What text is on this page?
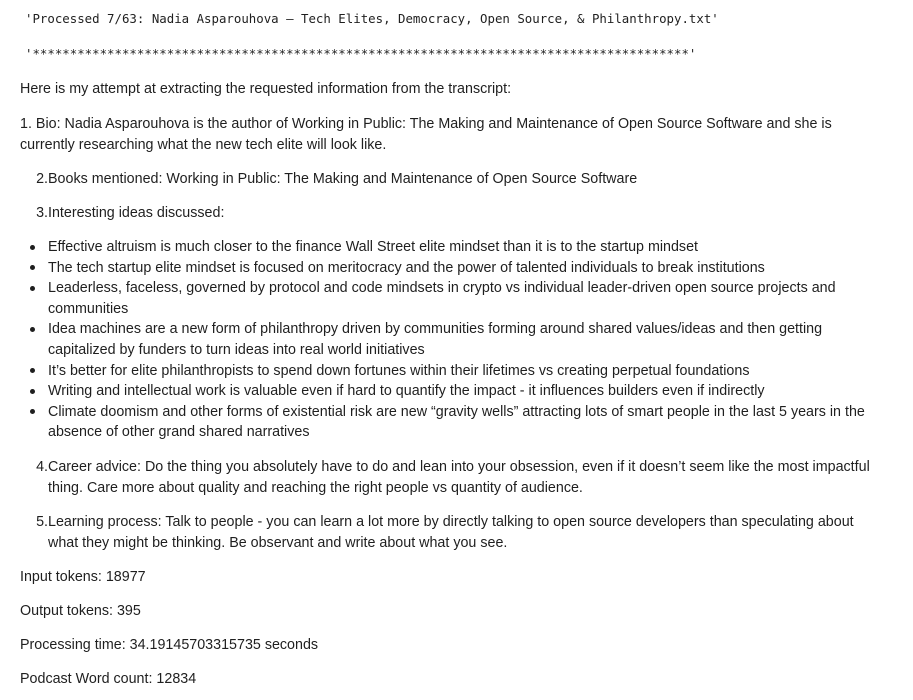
'Processed 7/63: Nadia Asparouhova – Tech Elites, Democracy, Open Source, & Philanthropy.txt'
'****************************************************************************************'

Here is my attempt at extracting the requested information from the transcript:

1. Bio: Nadia Asparouhova is the author of Working in Public: The Making and Maintenance of Open Source Software and she is currently researching what the new tech elite will look like.

2. Books mentioned: Working in Public: The Making and Maintenance of Open Source Software
3. Interesting ideas discussed:
Effective altruism is much closer to the finance Wall Street elite mindset than it is to the startup mindset
The tech startup elite mindset is focused on meritocracy and the power of talented individuals to break institutions
Leaderless, faceless, governed by protocol and code mindsets in crypto vs individual leader-driven open source projects and communities
Idea machines are a new form of philanthropy driven by communities forming around shared values/ideas and then getting capitalized by funders to turn ideas into real world initiatives
It’s better for elite philanthropists to spend down fortunes within their lifetimes vs creating perpetual foundations
Writing and intellectual work is valuable even if hard to quantify the impact - it influences builders even if indirectly
Climate doomism and other forms of existential risk are new “gravity wells” attracting lots of smart people in the last 5 years in the absence of other grand shared narratives
4. Career advice: Do the thing you absolutely have to do and lean into your obsession, even if it doesn’t seem like the most impactful thing. Care more about quality and reaching the right people vs quantity of audience.
5. Learning process: Talk to people - you can learn a lot more by directly talking to open source developers than speculating about what they might be thinking. Be observant and write about what you see.

Input tokens: 18977

Output tokens: 395

Processing time: 34.19145703315735 seconds

Podcast Word count: 12834
